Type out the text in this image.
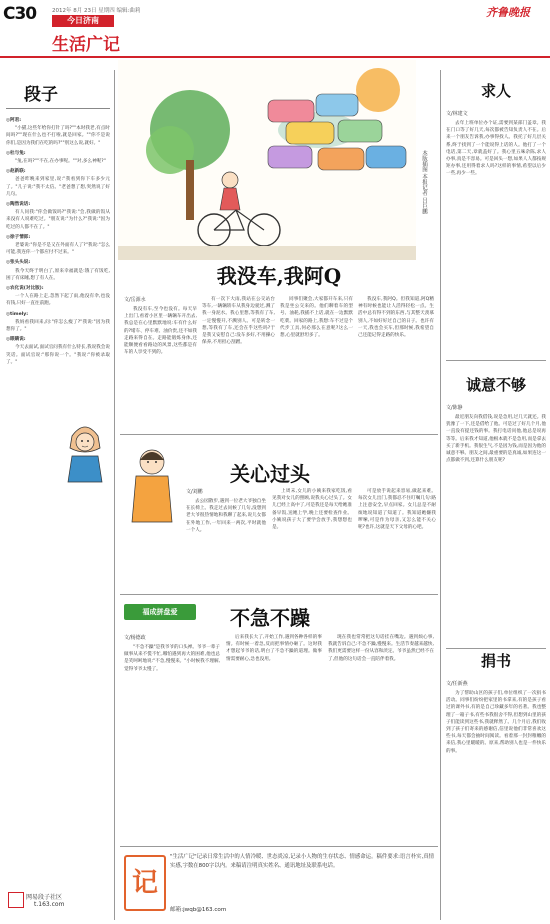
C30	2012年 8月 23日 星期四 编辑:曲莉
今日济南
生活广记
齐鲁晚报
段子

◎阿君:

"小猫,这些年给你打针了吗?""本时我老,有点时间吗?""现在什么也不打啦,就是回家。""你不是说你们,是因为我们在吃的吗?""别这么说,就好。"

◎杜与兔:

"兔,在吗?""不在,在办事呢。""对,多么神呢?"

◎赵新联:

爸爸昨晚来到家里,说:"我看到你下车多少元了。"儿子说:"我不太信。"老爸想了想,突然说了好几句。

◎陶然说话:

有人问我:"你会做饭吗?"我说:"会,我做的饭从来没有人说难吃过。"朋友说:"为什么?"我说:"因为吃过的人都不在了。"

◎徐子情郎:

老婆说:"你是不是又在外面有人了?"我说:"怎么可能,我连你一个都应付不过来。"

◎张头头说:

我今天终于明白了,原来幸福就是:饿了有饭吃,困了有床睡,想了有人在。

◎农化说(对比版):

一个人在路上走,忽然下起了雨,他没有伞,也没有钱,只好一直往前跑。

◎timely:

我妈看我回来,问:"你怎么瘦了?"我说:"因为我想你了。"

◎眼睛说:

今天去面试,面试官问我有什么特长,我说我会说笑话。面试官说:"那你说一个。"我说:"你被录取了。"

网易段子社区
t.163.com
本版插图 本报记者 吕巨鹏
我没车,我阿Q
文/岳源水

我没有车,至今也没有。每天早上出门,看着小区里一辆辆车开出去,我总是在心里默默地说:车有什么好的?堵车、停车难、油价贵,还不如我走路来得自在。走路能锻炼身体,还能顺便看看路边的风景,这些都是有车的人享受不到的。

有一次下大雨,我站在公交站台等车,一辆辆轿车从我身边驶过,溅了我一身泥水。我心里想,等我有了车,一定慢慢开,不溅别人。可是转念一想,等我有了车,还会在乎这些吗?于是我又安慰自己:没车多好,不用操心保养,不用担心刮蹭。

同事们聚会,大家都开车来,只有我是坐公交来的。他们聊着车的型号、油耗,我插不上话,就在一边默默吃菜。回家的路上,我想:车不过是个代步工具,何必那么在意呢?这么一想,心里就舒坦多了。

我没车,我阿Q。但我知道,阿Q精神有时候也能让人活得轻松一点。生活中总有得不到的东西,与其整天羡慕别人,不如好好过自己的日子。也许有一天,我也会买车,但那时候,我希望自己还能记得走路的快乐。

关心过头
文/刘鹏

去公园散步,遇到一位老大爷独自坐在长椅上。我走过去问候了几句,没想到老大爷很热情地和我聊了起来,说儿女都在外地工作,一年回来一两次,平时就他一个人。

上周末,女儿的小姨来我家吃饭,看见我对女儿的照顾,说我关心过头了。女儿已经上高中了,可是我还是每天给她准备早饭,送她上学,晚上还要检查作业。小姨说孩子大了要学会放手,我想想也是。

可是放手说起来容易,做起来难。每次女儿出门,我都忍不住叮嘱几句:路上注意安全,早点回家。女儿总是不耐烦地说知道了知道了。我知道她嫌我啰嗦,可是作为母亲,又怎么能不关心呢?也许,这就是天下父母的心吧。

福成拼盘爱	不急不躁
文/杨德政

"不急不躁"是我爷爷的口头禅。爷爷一辈子做事从来不慌不忙,哪怕遇到再大的困难,他也总是笑呵呵地说:"不急,慢慢来。"小时候我不理解,觉得爷爷太慢了。

后来我长大了,开始工作,遇到各种各样的事情。有时候一着急,反而把事情办砸了。这时我才想起爷爷的话,明白了不急不躁的道理。做事情需要耐心,急也没用。

现在我也常常把这句话挂在嘴边。遇到烦心事,我就告诉自己:不急不躁,慢慢来。生活节奏越来越快,我们更需要这样一份从容和淡定。爷爷虽然已经不在了,但他的这句话会一直陪伴着我。

记

"生活广记"记录日常生活中的人情冷暖、世态炎凉,记录小人物的生存状态、情感命运。稿件要求:语言朴实,真情实感,字数在800字以内。来稿请注明真实姓名、通讯地址及联系电话。

邮箱:jwqb@163.com
求人
文/林建文

去年上班单位办个证,需要到某部门盖章。我在门口等了好几天,每次都被告知负责人不在。后来一个朋友告诉我,办事得找人。我托了好几层关系,终于找到了一个能说得上话的人。他打了一个电话,第二天,章就盖好了。我心里五味杂陈,求人办事,真是不容易。可是回头一想,如果人人都按规矩办事,还用得着求人吗?这样的事情,希望以后少一些,再少一些。

诚意不够
文/陈静

最近朋友向我借钱,说是急用,过几天就还。我犹豫了一下,还是借给了他。可是过了好几个月,他一直没有提还钱的事。我打电话问他,他总是说再等等。后来我才知道,他根本就不是急用,而是拿去买了新手机。我很生气,不是因为钱,而是因为他的诚意不够。朋友之间,最重要的是真诚,如果连这一点都做不到,还算什么朋友呢?

捐书
文/任新燕

为了帮助山区的孩子们,单位组织了一次捐书活动。同事们纷纷把家里的书拿来,有的是孩子看过的课外书,有的是自己珍藏多年的名著。我也整理了一箱子书,有些书我很舍不得,但想到山里的孩子们能读到这些书,我就释然了。几个月后,我们收到了孩子们寄来的感谢信,信里说他们非常喜欢这些书,每天都会抽时间阅读。看着那一封封稚嫩的来信,我心里暖暖的。原来,帮助别人也是一件快乐的事。
